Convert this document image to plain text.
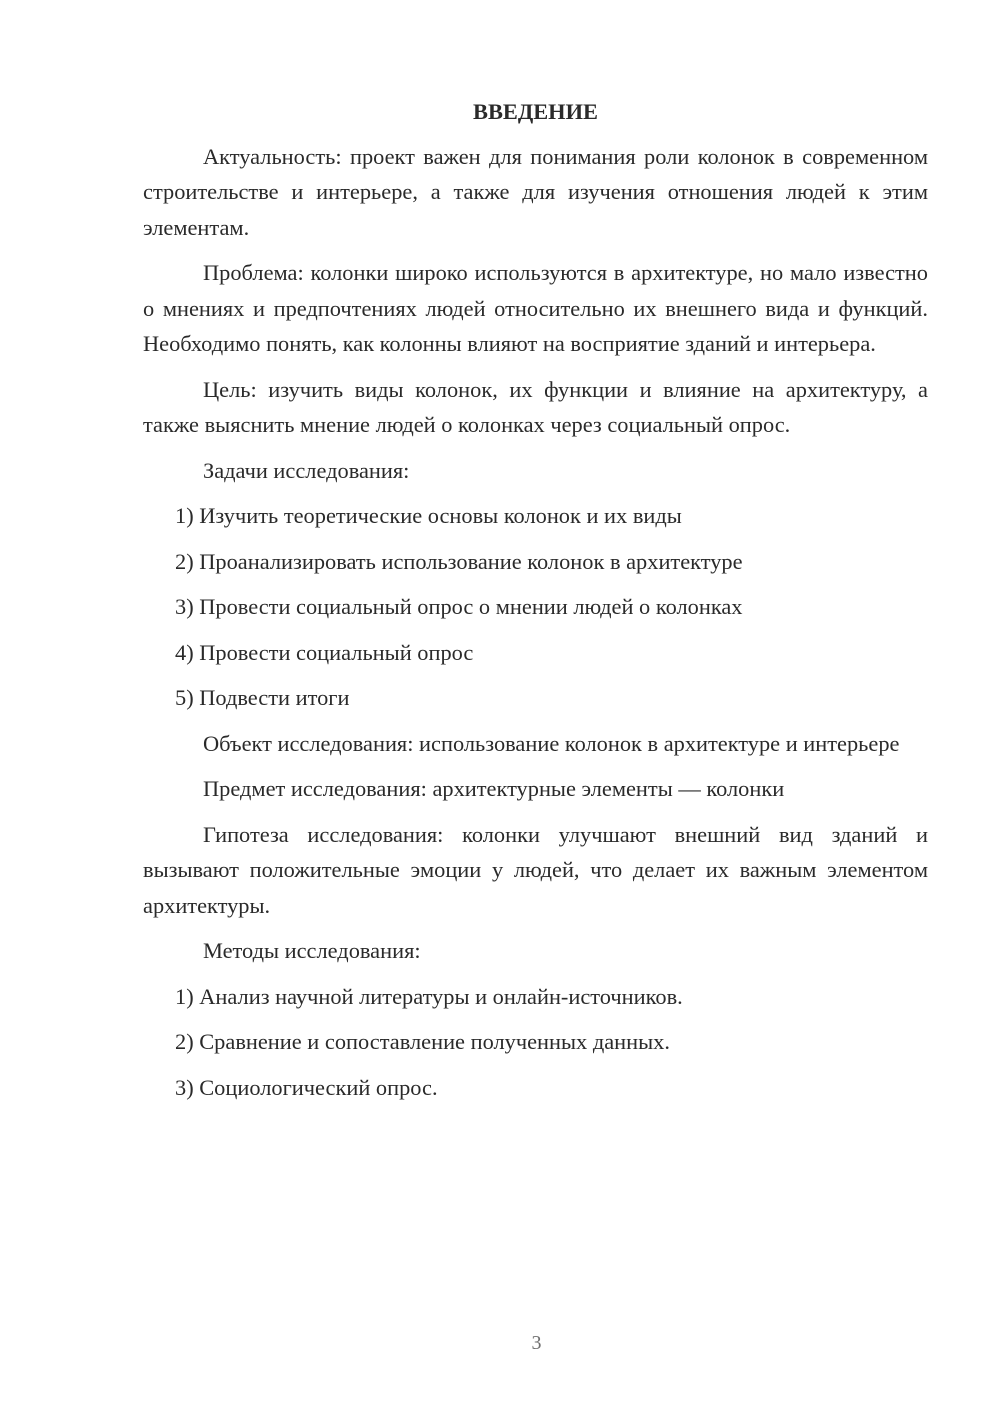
ВВЕДЕНИЕ

Актуальность: проект важен для понимания роли колонок в современном строительстве и интерьере, а также для изучения отношения людей к этим элементам.

Проблема: колонки широко используются в архитектуре, но мало известно о мнениях и предпочтениях людей относительно их внешнего вида и функций. Необходимо понять, как колонны влияют на восприятие зданий и интерьера.

Цель: изучить виды колонок, их функции и влияние на архитектуру, а также выяснить мнение людей о колонках через социальный опрос.

Задачи исследования:

1) Изучить теоретические основы колонок и их виды

2) Проанализировать использование колонок в архитектуре

3) Провести социальный опрос о мнении людей о колонках

4) Провести социальный опрос

5) Подвести итоги

Объект исследования: использование колонок в архитектуре и интерьере

Предмет исследования: архитектурные элементы — колонки

Гипотеза исследования: колонки улучшают внешний вид зданий и вызывают положительные эмоции у людей, что делает их важным элементом архитектуры.

Методы исследования:

1) Анализ научной литературы и онлайн-источников.

2) Сравнение и сопоставление полученных данных.

3) Социологический опрос.

3
